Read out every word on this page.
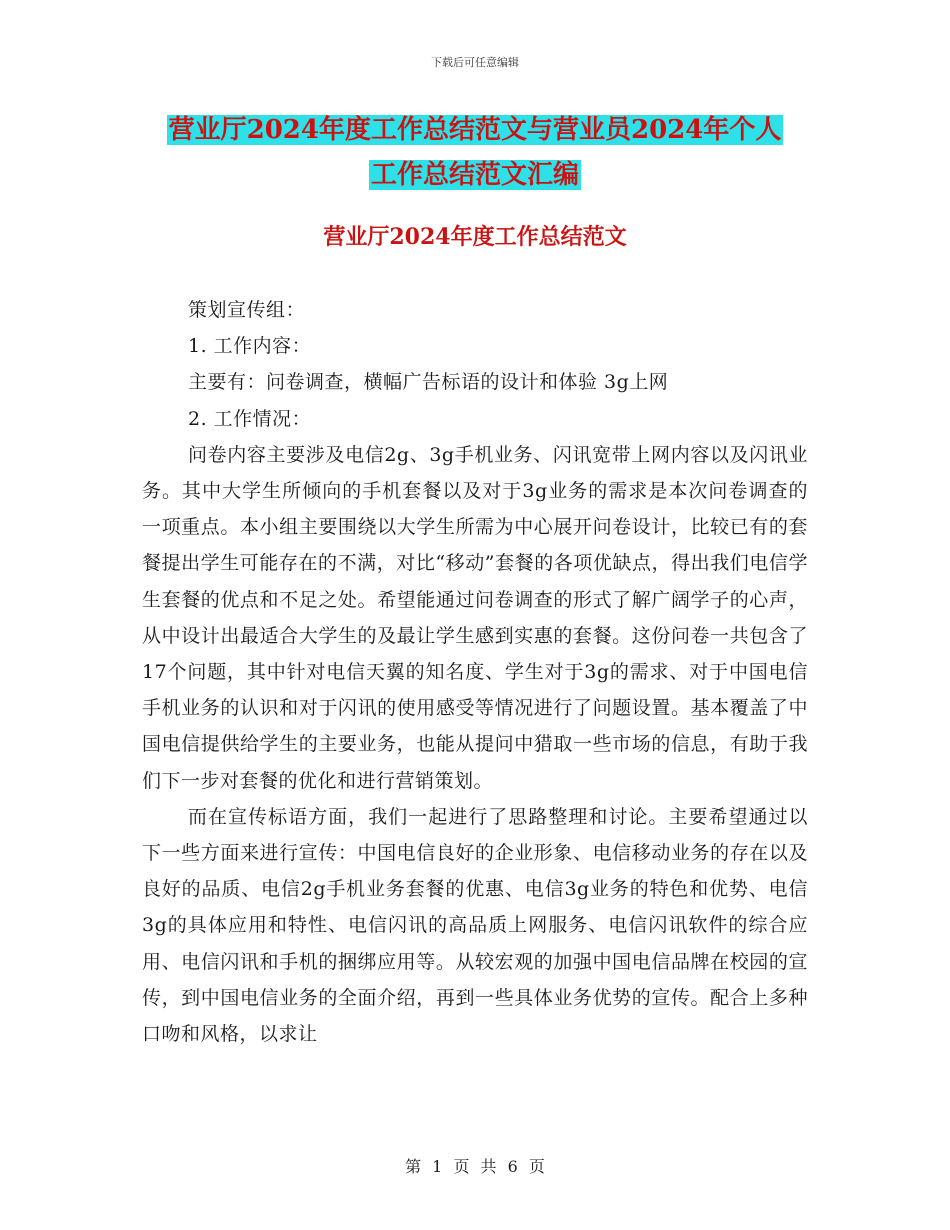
下载后可任意编辑
营业厅2024年度工作总结范文与营业员2024年个人
工作总结范文汇编
营业厅2024年度工作总结范文

策划宣传组：

1. 工作内容：

主要有：问卷调查，横幅广告标语的设计和体验 3g上网

2. 工作情况：

问卷内容主要涉及电信2g、3g手机业务、闪讯宽带上网内容以及闪讯业务。其中大学生所倾向的手机套餐以及对于3g业务的需求是本次问卷调查的一项重点。本小组主要围绕以大学生所需为中心展开问卷设计，比较已有的套餐提出学生可能存在的不满，对比“移动”套餐的各项优缺点，得出我们电信学生套餐的优点和不足之处。希望能通过问卷调查的形式了解广阔学子的心声，从中设计出最适合大学生的及最让学生感到实惠的套餐。这份问卷一共包含了17个问题，其中针对电信天翼的知名度、学生对于3g的需求、对于中国电信手机业务的认识和对于闪讯的使用感受等情况进行了问题设置。基本覆盖了中国电信提供给学生的主要业务，也能从提问中猎取一些市场的信息，有助于我们下一步对套餐的优化和进行营销策划。

而在宣传标语方面，我们一起进行了思路整理和讨论。主要希望通过以下一些方面来进行宣传：中国电信良好的企业形象、电信移动业务的存在以及良好的品质、电信2g手机业务套餐的优惠、电信3g业务的特色和优势、电信3g的具体应用和特性、电信闪讯的高品质上网服务、电信闪讯软件的综合应用、电信闪讯和手机的捆绑应用等。从较宏观的加强中国电信品牌在校园的宣传，到中国电信业务的全面介绍，再到一些具体业务优势的宣传。配合上多种口吻和风格，以求让

第 1 页 共 6 页
